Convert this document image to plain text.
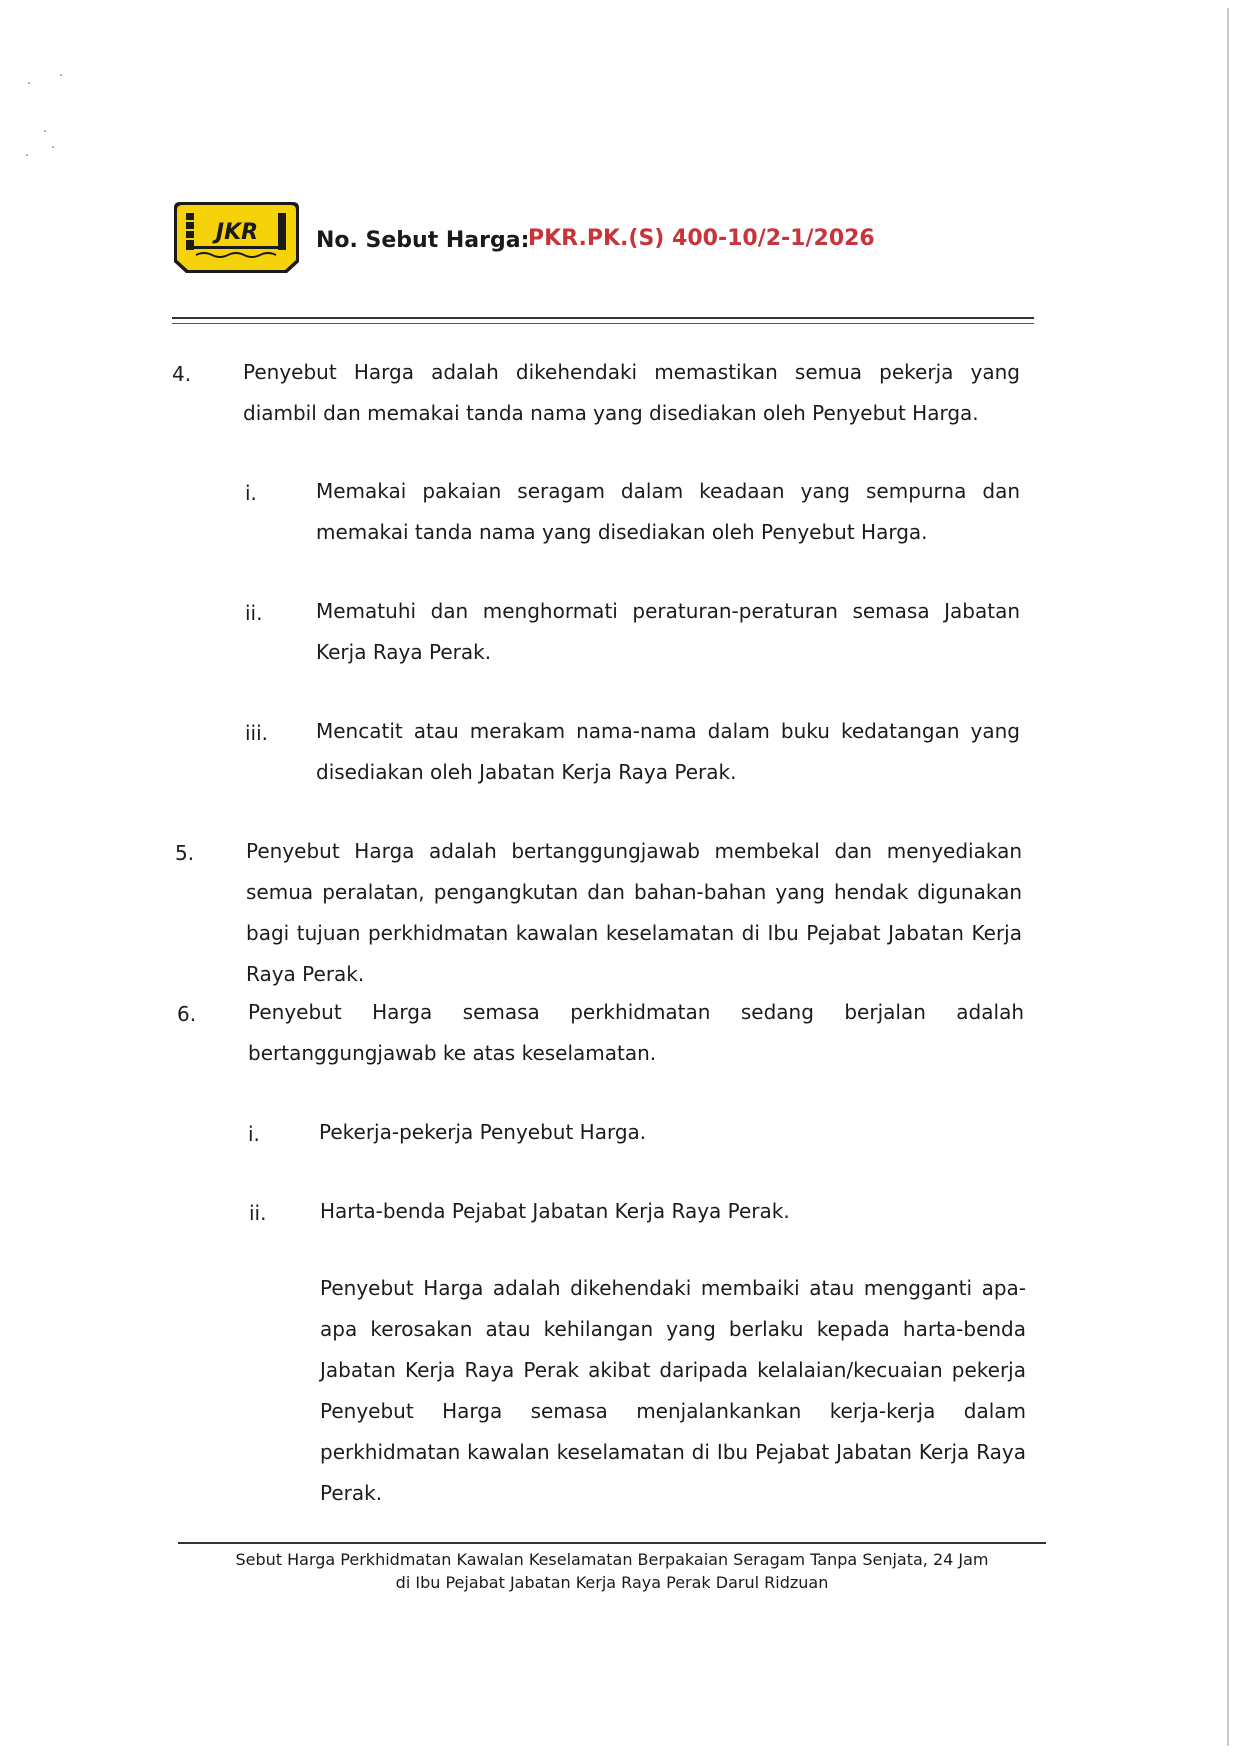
JKR	No. Sebut Harga:
PKR.PK.(S) 400-10/2-1/2026
4.	Penyebut Harga adalah dikehendaki memastikan semua pekerja yang diambil dan memakai tanda nama yang disediakan oleh Penyebut Harga.
i.	Memakai pakaian seragam dalam keadaan yang sempurna dan memakai tanda nama yang disediakan oleh Penyebut Harga.
ii.	Mematuhi dan menghormati peraturan-peraturan semasa Jabatan Kerja Raya Perak.
iii. Mencatit atau merakam nama-nama dalam buku kedatangan yang disediakan oleh Jabatan Kerja Raya Perak.
5.	Penyebut Harga adalah bertanggungjawab membekal dan menyediakan semua peralatan, pengangkutan dan bahan-bahan yang hendak digunakan bagi tujuan perkhidmatan kawalan keselamatan di Ibu Pejabat Jabatan Kerja Raya Perak.
6.	Penyebut Harga semasa perkhidmatan sedang berjalan adalah bertanggungjawab ke atas keselamatan.
i.	Pekerja-pekerja Penyebut Harga.
ii.	Harta-benda Pejabat Jabatan Kerja Raya Perak.
Penyebut Harga adalah dikehendaki membaiki atau mengganti apa-apa kerosakan atau kehilangan yang berlaku kepada harta-benda Jabatan Kerja Raya Perak akibat daripada kelalaian/kecuaian pekerja Penyebut Harga semasa menjalankankan kerja-kerja dalam perkhidmatan kawalan keselamatan di Ibu Pejabat Jabatan Kerja Raya Perak.
Sebut Harga Perkhidmatan Kawalan Keselamatan Berpakaian Seragam Tanpa Senjata, 24 Jam
di Ibu Pejabat Jabatan Kerja Raya Perak Darul Ridzuan
